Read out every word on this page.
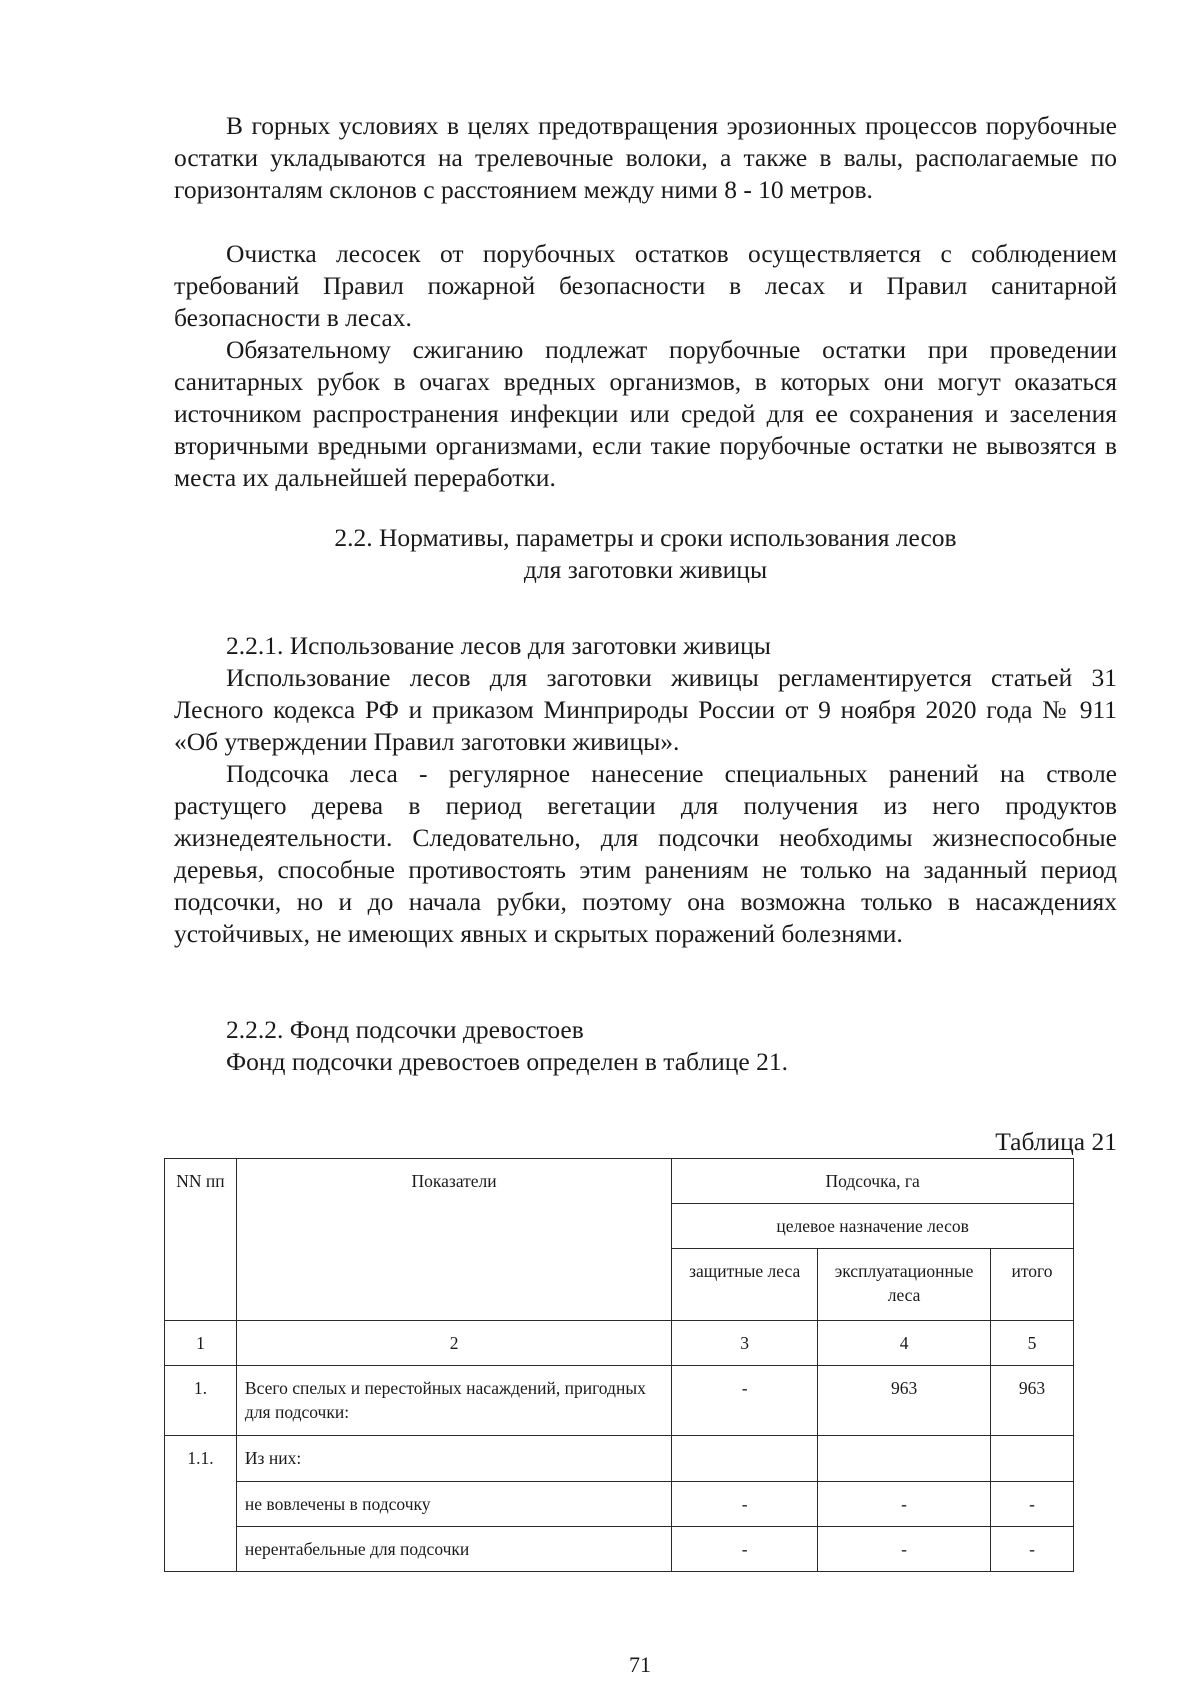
В горных условиях в целях предотвращения эрозионных процессов порубочные остатки укладываются на трелевочные волоки, а также в валы, располагаемые по горизонталям склонов с расстоянием между ними 8 - 10 метров.

Очистка лесосек от порубочных остатков осуществляется с соблюдением требований Правил пожарной безопасности в лесах и Правил санитарной безопасности в лесах.

Обязательному сжиганию подлежат порубочные остатки при проведении санитарных рубок в очагах вредных организмов, в которых они могут оказаться источником распространения инфекции или средой для ее сохранения и заселения вторичными вредными организмами, если такие порубочные остатки не вывозятся в места их дальнейшей переработки.

2.2. Нормативы, параметры и сроки использования лесов

для заготовки живицы

2.2.1. Использование лесов для заготовки живицы

Использование лесов для заготовки живицы регламентируется статьей 31 Лесного кодекса РФ и приказом Минприроды России от 9 ноября 2020 года № 911 «Об утверждении Правил заготовки живицы».

Подсочка леса - регулярное нанесение специальных ранений на стволе растущего дерева в период вегетации для получения из него продуктов жизнедеятельности. Следовательно, для подсочки необходимы жизнеспособные деревья, способные противостоять этим ранениям не только на заданный период подсочки, но и до начала рубки, поэтому она возможна только в насаждениях устойчивых, не имеющих явных и скрытых поражений болезнями.

2.2.2. Фонд подсочки древостоев

Фонд подсочки древостоев определен в таблице 21.

Таблица 21
NN пп	Показатели	Подсочка, га		
		целевое назначение лесов		
		защитные леса	эксплуатационные леса	итого
1	2	3	4	5
1.	Всего спелых и перестойных насаждений, пригодных для подсочки:	-	963	963
1.1.	Из них:			
	не вовлечены в подсочку	-	-	-
	нерентабельные для подсочки	-	-	-
71
